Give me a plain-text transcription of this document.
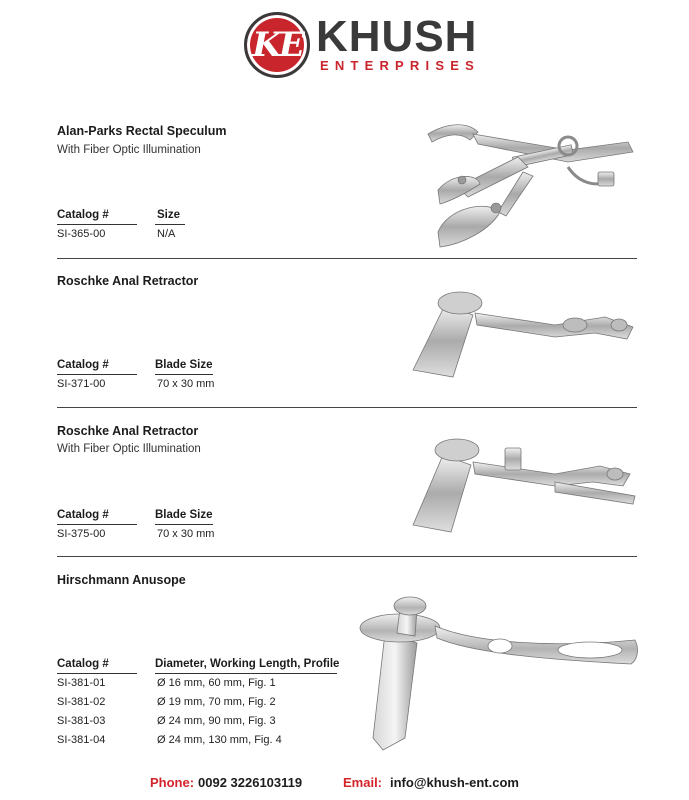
KE KHUSH
ENTERPRISES
Alan-Parks Rectal Speculum
With Fiber Optic Illumination
Catalog #	Size
SI-365-00	N/A
Roschke Anal Retractor
Catalog #	Blade Size
SI-371-00	70 x 30 mm
Roschke Anal Retractor
With Fiber Optic Illumination
Catalog #	Blade Size
SI-375-00	70 x 30 mm
Hirschmann Anusope
Catalog #	Diameter, Working Length, Profile
SI-381-01	Ø 16 mm, 60 mm, Fig. 1
SI-381-02	Ø 19 mm, 70 mm, Fig. 2
SI-381-03	Ø 24 mm, 90 mm, Fig. 3
SI-381-04	Ø 24 mm, 130 mm, Fig. 4
Phone: 0092 3226103119	Email: info@khush-ent.com
